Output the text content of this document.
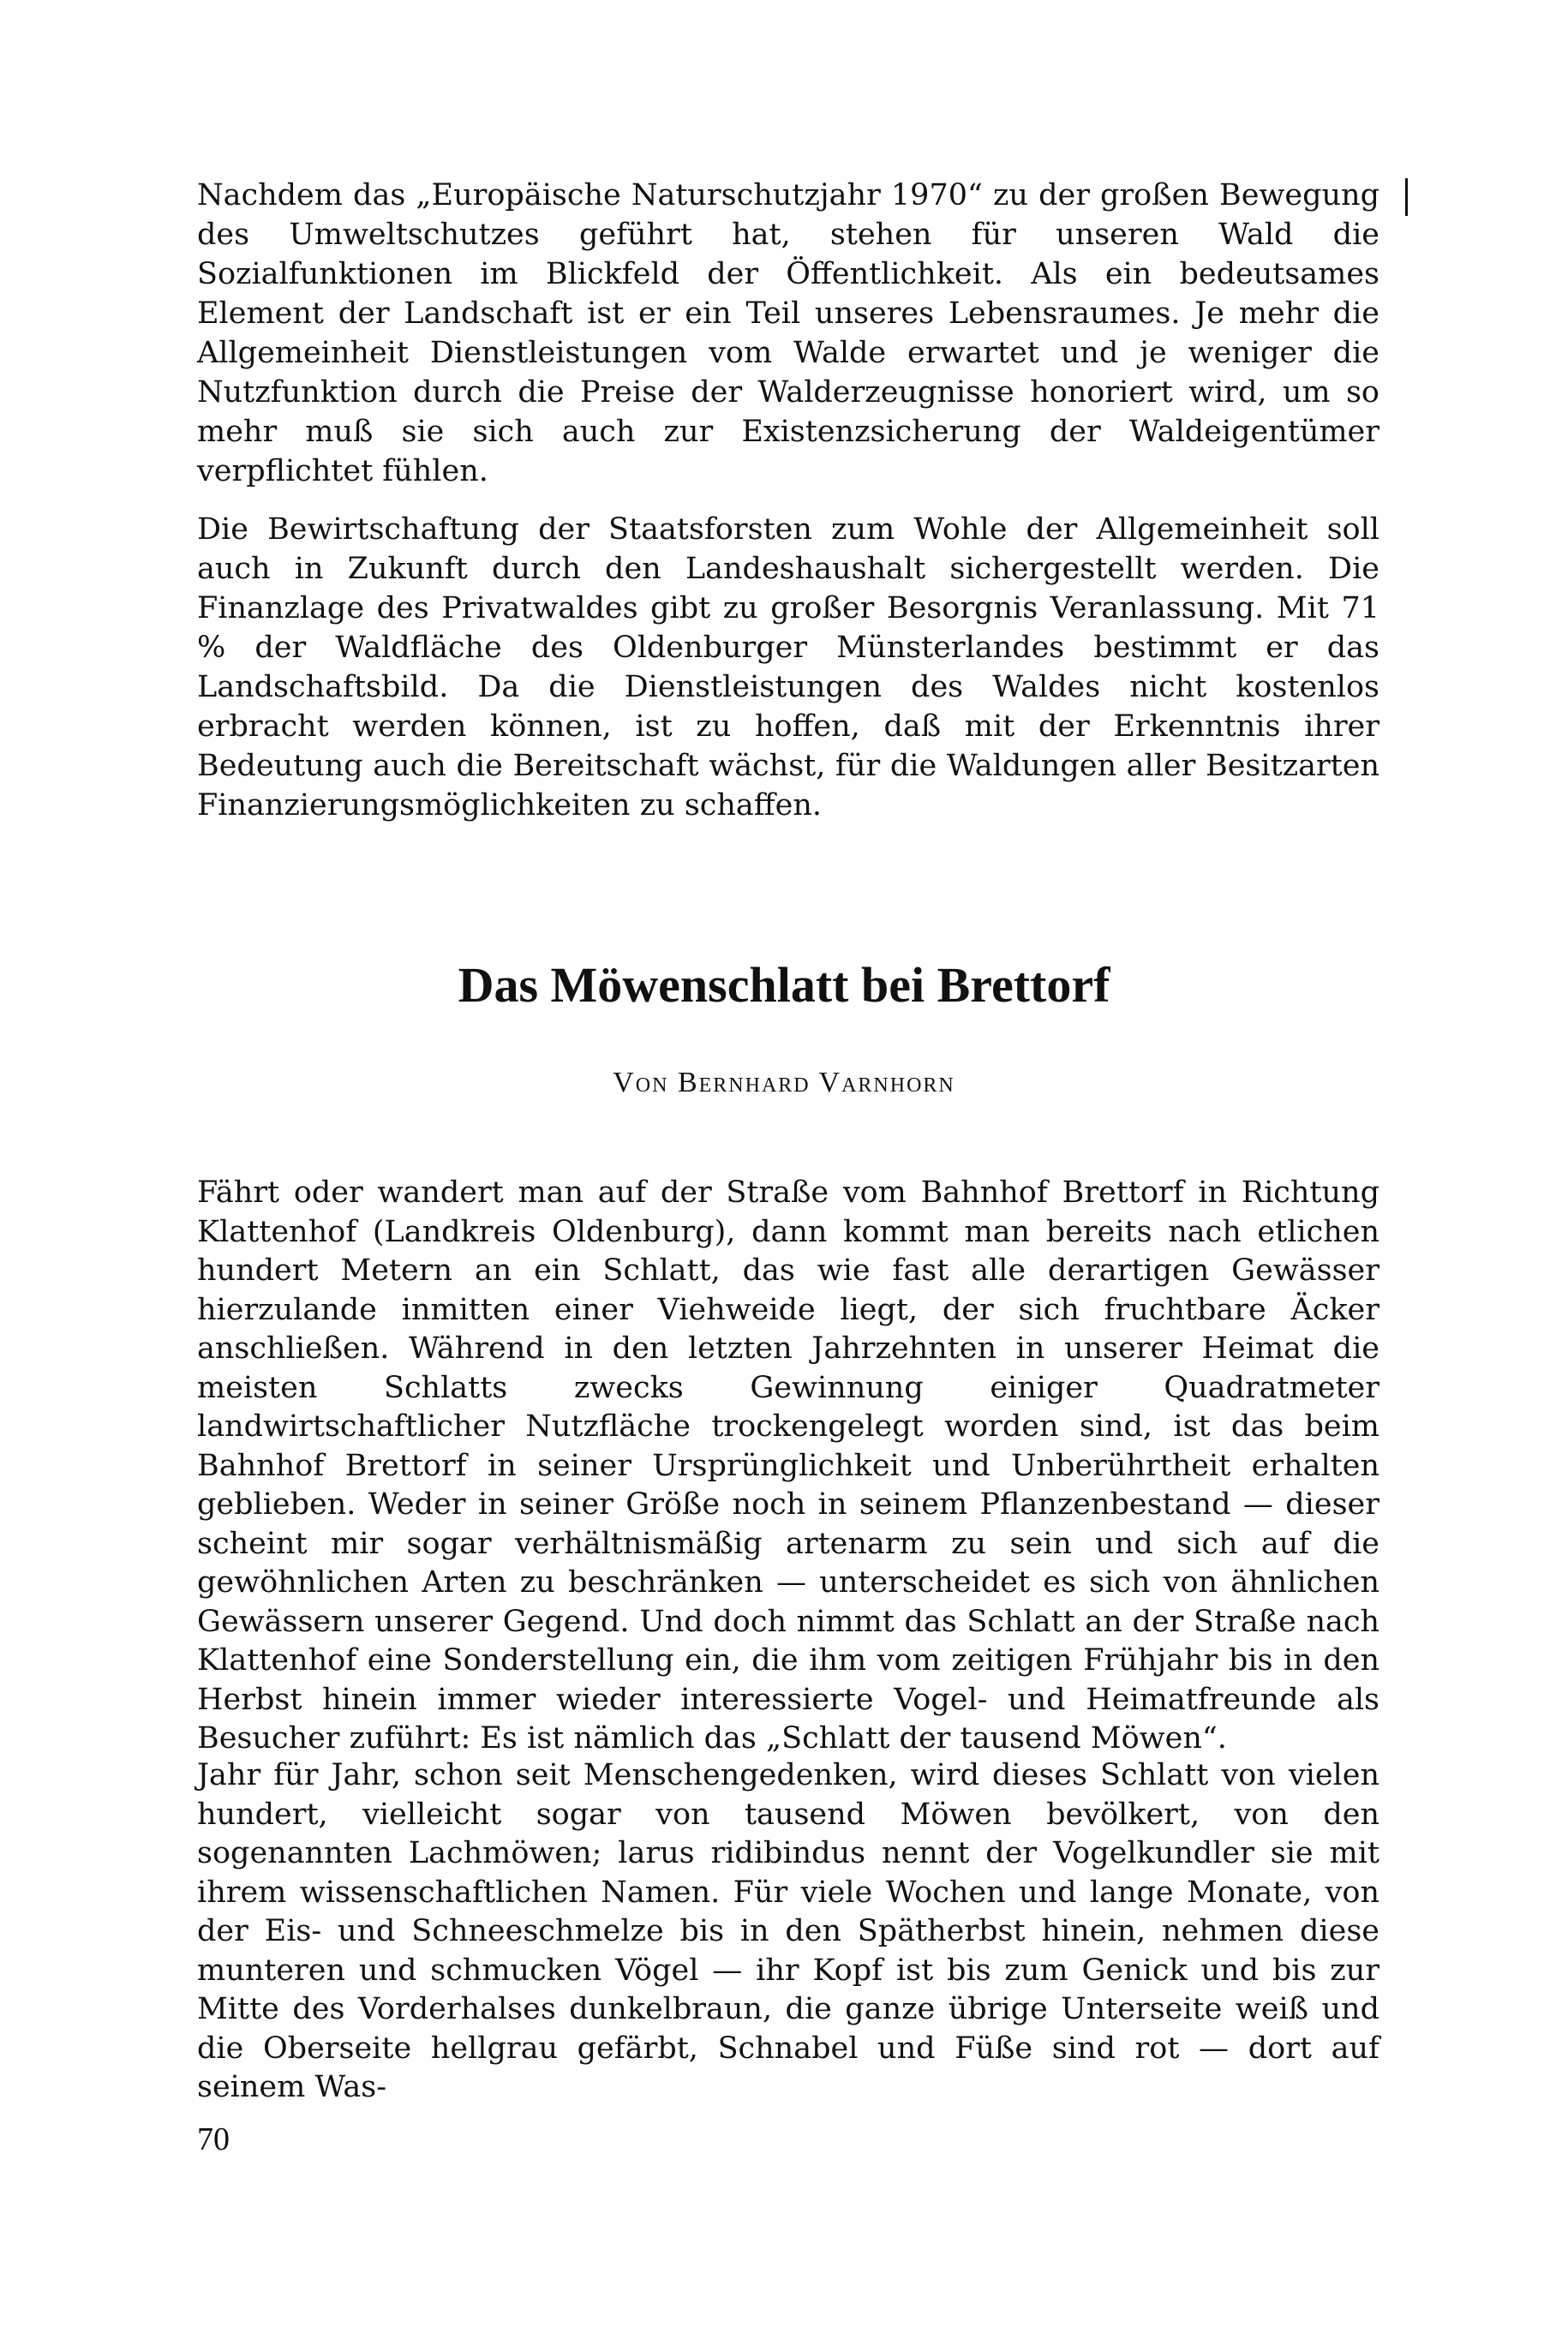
Nachdem das „Europäische Naturschutzjahr 1970“ zu der großen Bewegung des Umweltschutzes geführt hat, stehen für unseren Wald die Sozialfunktionen im Blickfeld der Öffentlichkeit. Als ein bedeutsames Element der Landschaft ist er ein Teil unseres Lebensraumes. Je mehr die Allgemeinheit Dienstleistungen vom Walde erwartet und je weniger die Nutzfunktion durch die Preise der Walderzeugnisse honoriert wird, um so mehr muß sie sich auch zur Existenzsicherung der Waldeigentümer verpflichtet fühlen.

Die Bewirtschaftung der Staatsforsten zum Wohle der Allgemeinheit soll auch in Zukunft durch den Landeshaushalt sichergestellt werden. Die Finanzlage des Privatwaldes gibt zu großer Besorgnis Veranlassung. Mit 71 % der Waldfläche des Oldenburger Münsterlandes bestimmt er das Landschaftsbild. Da die Dienstleistungen des Waldes nicht kostenlos erbracht werden können, ist zu hoffen, daß mit der Erkenntnis ihrer Bedeutung auch die Bereitschaft wächst, für die Waldungen aller Besitzarten Finanzierungsmöglichkeiten zu schaffen.

Das Möwenschlatt bei Brettorf
Von Bernhard Varnhorn

Fährt oder wandert man auf der Straße vom Bahnhof Brettorf in Richtung Klattenhof (Landkreis Oldenburg), dann kommt man bereits nach etlichen hundert Metern an ein Schlatt, das wie fast alle derartigen Gewässer hierzulande inmitten einer Viehweide liegt, der sich fruchtbare Äcker anschließen. Während in den letzten Jahrzehnten in unserer Heimat die meisten Schlatts zwecks Gewinnung einiger Quadratmeter landwirtschaftlicher Nutzfläche trockengelegt worden sind, ist das beim Bahnhof Brettorf in seiner Ursprünglichkeit und Unberührtheit erhalten geblieben. Weder in seiner Größe noch in seinem Pflanzenbestand — dieser scheint mir sogar verhältnismäßig artenarm zu sein und sich auf die gewöhnlichen Arten zu beschränken — unterscheidet es sich von ähnlichen Gewässern unserer Gegend. Und doch nimmt das Schlatt an der Straße nach Klattenhof eine Sonderstellung ein, die ihm vom zeitigen Frühjahr bis in den Herbst hinein immer wieder interessierte Vogel- und Heimatfreunde als Besucher zuführt: Es ist nämlich das „Schlatt der tausend Möwen“.

Jahr für Jahr, schon seit Menschengedenken, wird dieses Schlatt von vielen hundert, vielleicht sogar von tausend Möwen bevölkert, von den sogenannten Lachmöwen; larus ridibindus nennt der Vogelkundler sie mit ihrem wissenschaftlichen Namen. Für viele Wochen und lange Monate, von der Eis- und Schneeschmelze bis in den Spätherbst hinein, nehmen diese munteren und schmucken Vögel — ihr Kopf ist bis zum Genick und bis zur Mitte des Vorderhalses dunkelbraun, die ganze übrige Unterseite weiß und die Oberseite hellgrau gefärbt, Schnabel und Füße sind rot — dort auf seinem Was-

70
